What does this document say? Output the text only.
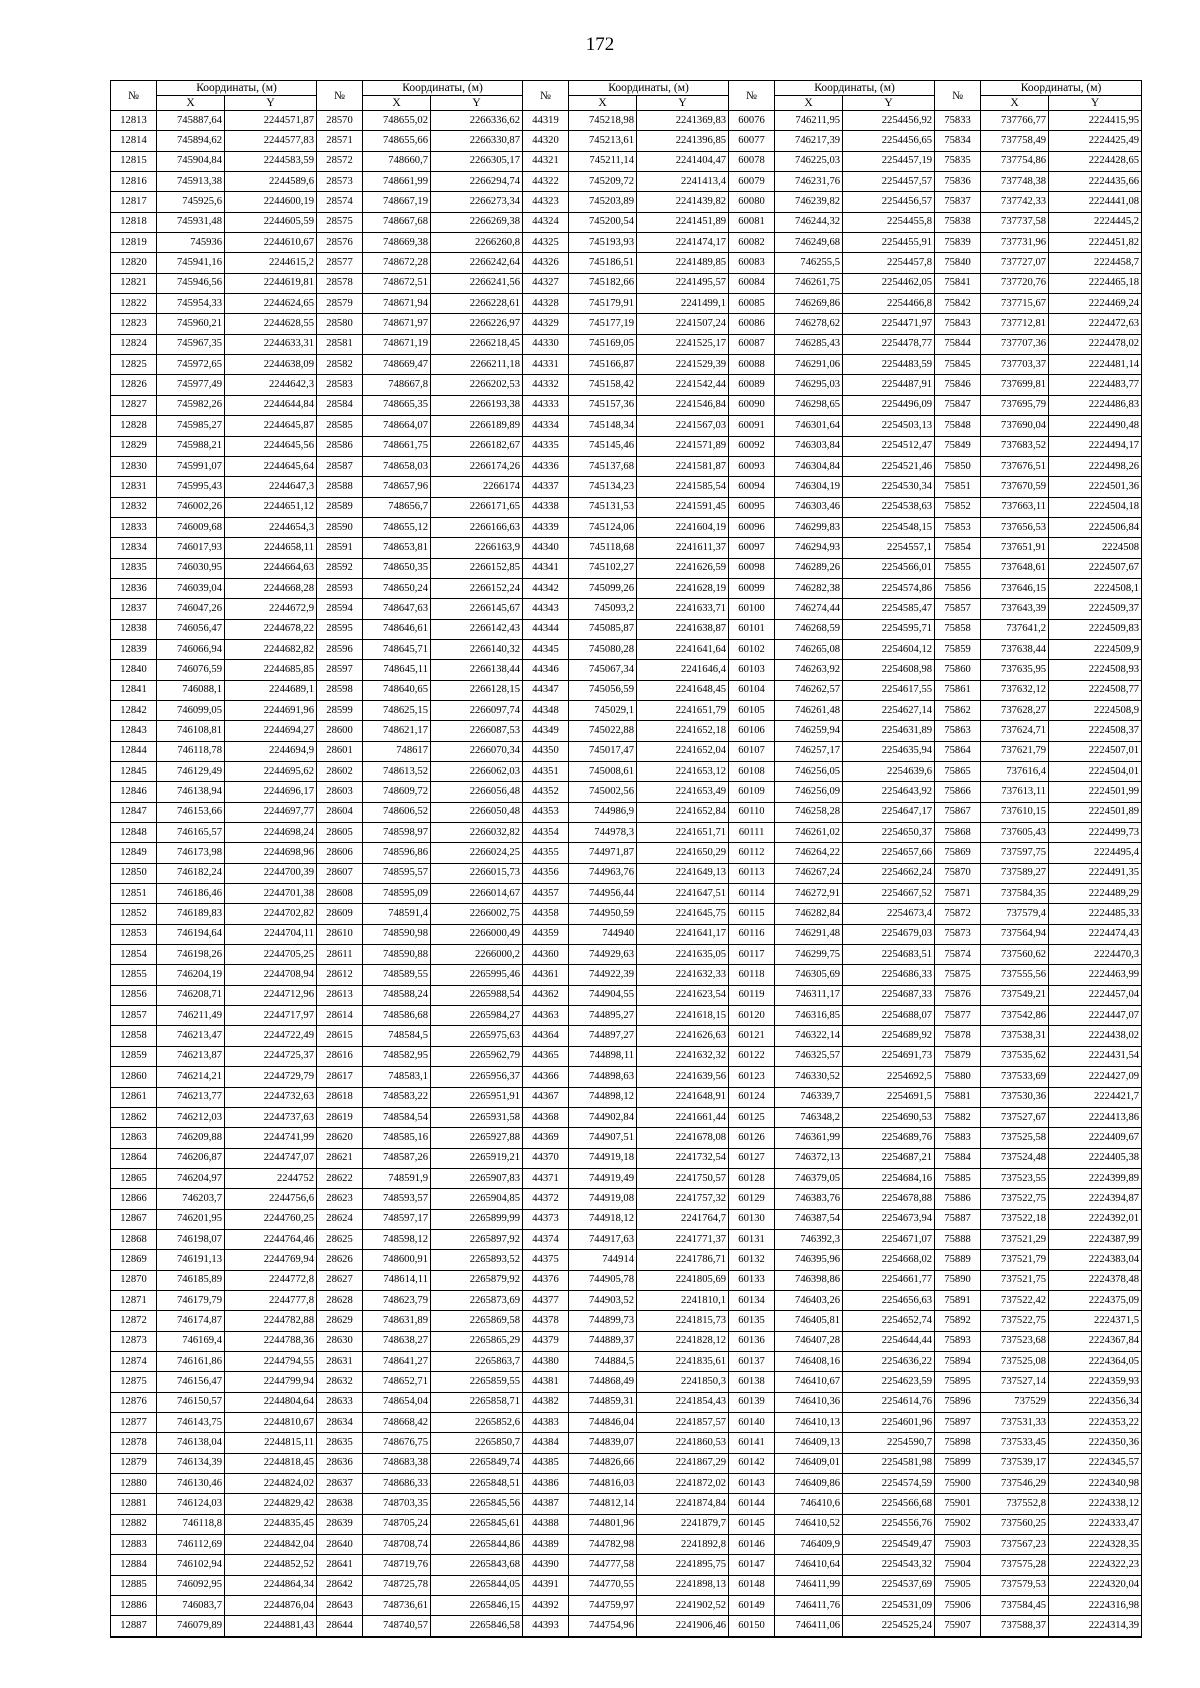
172
№	Координаты, (м)		№	Координаты, (м)		№	Координаты, (м)		№	Координаты, (м)		№	Координаты, (м)	
	X	Y		X	Y		X	Y		X	Y		X	Y
12813	745887,64	2244571,87	28570	748655,02	2266336,62	44319	745218,98	2241369,83	60076	746211,95	2254456,92	75833	737766,77	2224415,95
12814	745894,62	2244577,83	28571	748655,66	2266330,87	44320	745213,61	2241396,85	60077	746217,39	2254456,65	75834	737758,49	2224425,49
12815	745904,84	2244583,59	28572	748660,7	2266305,17	44321	745211,14	2241404,47	60078	746225,03	2254457,19	75835	737754,86	2224428,65
12816	745913,38	2244589,6	28573	748661,99	2266294,74	44322	745209,72	2241413,4	60079	746231,76	2254457,57	75836	737748,38	2224435,66
12817	745925,6	2244600,19	28574	748667,19	2266273,34	44323	745203,89	2241439,82	60080	746239,82	2254456,57	75837	737742,33	2224441,08
12818	745931,48	2244605,59	28575	748667,68	2266269,38	44324	745200,54	2241451,89	60081	746244,32	2254455,8	75838	737737,58	2224445,2
12819	745936	2244610,67	28576	748669,38	2266260,8	44325	745193,93	2241474,17	60082	746249,68	2254455,91	75839	737731,96	2224451,82
12820	745941,16	2244615,2	28577	748672,28	2266242,64	44326	745186,51	2241489,85	60083	746255,5	2254457,8	75840	737727,07	2224458,7
12821	745946,56	2244619,81	28578	748672,51	2266241,56	44327	745182,66	2241495,57	60084	746261,75	2254462,05	75841	737720,76	2224465,18
12822	745954,33	2244624,65	28579	748671,94	2266228,61	44328	745179,91	2241499,1	60085	746269,86	2254466,8	75842	737715,67	2224469,24
12823	745960,21	2244628,55	28580	748671,97	2266226,97	44329	745177,19	2241507,24	60086	746278,62	2254471,97	75843	737712,81	2224472,63
12824	745967,35	2244633,31	28581	748671,19	2266218,45	44330	745169,05	2241525,17	60087	746285,43	2254478,77	75844	737707,36	2224478,02
12825	745972,65	2244638,09	28582	748669,47	2266211,18	44331	745166,87	2241529,39	60088	746291,06	2254483,59	75845	737703,37	2224481,14
12826	745977,49	2244642,3	28583	748667,8	2266202,53	44332	745158,42	2241542,44	60089	746295,03	2254487,91	75846	737699,81	2224483,77
12827	745982,26	2244644,84	28584	748665,35	2266193,38	44333	745157,36	2241546,84	60090	746298,65	2254496,09	75847	737695,79	2224486,83
12828	745985,27	2244645,87	28585	748664,07	2266189,89	44334	745148,34	2241567,03	60091	746301,64	2254503,13	75848	737690,04	2224490,48
12829	745988,21	2244645,56	28586	748661,75	2266182,67	44335	745145,46	2241571,89	60092	746303,84	2254512,47	75849	737683,52	2224494,17
12830	745991,07	2244645,64	28587	748658,03	2266174,26	44336	745137,68	2241581,87	60093	746304,84	2254521,46	75850	737676,51	2224498,26
12831	745995,43	2244647,3	28588	748657,96	2266174	44337	745134,23	2241585,54	60094	746304,19	2254530,34	75851	737670,59	2224501,36
12832	746002,26	2244651,12	28589	748656,7	2266171,65	44338	745131,53	2241591,45	60095	746303,46	2254538,63	75852	737663,11	2224504,18
12833	746009,68	2244654,3	28590	748655,12	2266166,63	44339	745124,06	2241604,19	60096	746299,83	2254548,15	75853	737656,53	2224506,84
12834	746017,93	2244658,11	28591	748653,81	2266163,9	44340	745118,68	2241611,37	60097	746294,93	2254557,1	75854	737651,91	2224508
12835	746030,95	2244664,63	28592	748650,35	2266152,85	44341	745102,27	2241626,59	60098	746289,26	2254566,01	75855	737648,61	2224507,67
12836	746039,04	2244668,28	28593	748650,24	2266152,24	44342	745099,26	2241628,19	60099	746282,38	2254574,86	75856	737646,15	2224508,1
12837	746047,26	2244672,9	28594	748647,63	2266145,67	44343	745093,2	2241633,71	60100	746274,44	2254585,47	75857	737643,39	2224509,37
12838	746056,47	2244678,22	28595	748646,61	2266142,43	44344	745085,87	2241638,87	60101	746268,59	2254595,71	75858	737641,2	2224509,83
12839	746066,94	2244682,82	28596	748645,71	2266140,32	44345	745080,28	2241641,64	60102	746265,08	2254604,12	75859	737638,44	2224509,9
12840	746076,59	2244685,85	28597	748645,11	2266138,44	44346	745067,34	2241646,4	60103	746263,92	2254608,98	75860	737635,95	2224508,93
12841	746088,1	2244689,1	28598	748640,65	2266128,15	44347	745056,59	2241648,45	60104	746262,57	2254617,55	75861	737632,12	2224508,77
12842	746099,05	2244691,96	28599	748625,15	2266097,74	44348	745029,1	2241651,79	60105	746261,48	2254627,14	75862	737628,27	2224508,9
12843	746108,81	2244694,27	28600	748621,17	2266087,53	44349	745022,88	2241652,18	60106	746259,94	2254631,89	75863	737624,71	2224508,37
12844	746118,78	2244694,9	28601	748617	2266070,34	44350	745017,47	2241652,04	60107	746257,17	2254635,94	75864	737621,79	2224507,01
12845	746129,49	2244695,62	28602	748613,52	2266062,03	44351	745008,61	2241653,12	60108	746256,05	2254639,6	75865	737616,4	2224504,01
12846	746138,94	2244696,17	28603	748609,72	2266056,48	44352	745002,56	2241653,49	60109	746256,09	2254643,92	75866	737613,11	2224501,99
12847	746153,66	2244697,77	28604	748606,52	2266050,48	44353	744986,9	2241652,84	60110	746258,28	2254647,17	75867	737610,15	2224501,89
12848	746165,57	2244698,24	28605	748598,97	2266032,82	44354	744978,3	2241651,71	60111	746261,02	2254650,37	75868	737605,43	2224499,73
12849	746173,98	2244698,96	28606	748596,86	2266024,25	44355	744971,87	2241650,29	60112	746264,22	2254657,66	75869	737597,75	2224495,4
12850	746182,24	2244700,39	28607	748595,57	2266015,73	44356	744963,76	2241649,13	60113	746267,24	2254662,24	75870	737589,27	2224491,35
12851	746186,46	2244701,38	28608	748595,09	2266014,67	44357	744956,44	2241647,51	60114	746272,91	2254667,52	75871	737584,35	2224489,29
12852	746189,83	2244702,82	28609	748591,4	2266002,75	44358	744950,59	2241645,75	60115	746282,84	2254673,4	75872	737579,4	2224485,33
12853	746194,64	2244704,11	28610	748590,98	2266000,49	44359	744940	2241641,17	60116	746291,48	2254679,03	75873	737564,94	2224474,43
12854	746198,26	2244705,25	28611	748590,88	2266000,2	44360	744929,63	2241635,05	60117	746299,75	2254683,51	75874	737560,62	2224470,3
12855	746204,19	2244708,94	28612	748589,55	2265995,46	44361	744922,39	2241632,33	60118	746305,69	2254686,33	75875	737555,56	2224463,99
12856	746208,71	2244712,96	28613	748588,24	2265988,54	44362	744904,55	2241623,54	60119	746311,17	2254687,33	75876	737549,21	2224457,04
12857	746211,49	2244717,97	28614	748586,68	2265984,27	44363	744895,27	2241618,15	60120	746316,85	2254688,07	75877	737542,86	2224447,07
12858	746213,47	2244722,49	28615	748584,5	2265975,63	44364	744897,27	2241626,63	60121	746322,14	2254689,92	75878	737538,31	2224438,02
12859	746213,87	2244725,37	28616	748582,95	2265962,79	44365	744898,11	2241632,32	60122	746325,57	2254691,73	75879	737535,62	2224431,54
12860	746214,21	2244729,79	28617	748583,1	2265956,37	44366	744898,63	2241639,56	60123	746330,52	2254692,5	75880	737533,69	2224427,09
12861	746213,77	2244732,63	28618	748583,22	2265951,91	44367	744898,12	2241648,91	60124	746339,7	2254691,5	75881	737530,36	2224421,7
12862	746212,03	2244737,63	28619	748584,54	2265931,58	44368	744902,84	2241661,44	60125	746348,2	2254690,53	75882	737527,67	2224413,86
12863	746209,88	2244741,99	28620	748585,16	2265927,88	44369	744907,51	2241678,08	60126	746361,99	2254689,76	75883	737525,58	2224409,67
12864	746206,87	2244747,07	28621	748587,26	2265919,21	44370	744919,18	2241732,54	60127	746372,13	2254687,21	75884	737524,48	2224405,38
12865	746204,97	2244752	28622	748591,9	2265907,83	44371	744919,49	2241750,57	60128	746379,05	2254684,16	75885	737523,55	2224399,89
12866	746203,7	2244756,6	28623	748593,57	2265904,85	44372	744919,08	2241757,32	60129	746383,76	2254678,88	75886	737522,75	2224394,87
12867	746201,95	2244760,25	28624	748597,17	2265899,99	44373	744918,12	2241764,7	60130	746387,54	2254673,94	75887	737522,18	2224392,01
12868	746198,07	2244764,46	28625	748598,12	2265897,92	44374	744917,63	2241771,37	60131	746392,3	2254671,07	75888	737521,29	2224387,99
12869	746191,13	2244769,94	28626	748600,91	2265893,52	44375	744914	2241786,71	60132	746395,96	2254668,02	75889	737521,79	2224383,04
12870	746185,89	2244772,8	28627	748614,11	2265879,92	44376	744905,78	2241805,69	60133	746398,86	2254661,77	75890	737521,75	2224378,48
12871	746179,79	2244777,8	28628	748623,79	2265873,69	44377	744903,52	2241810,1	60134	746403,26	2254656,63	75891	737522,42	2224375,09
12872	746174,87	2244782,88	28629	748631,89	2265869,58	44378	744899,73	2241815,73	60135	746405,81	2254652,74	75892	737522,75	2224371,5
12873	746169,4	2244788,36	28630	748638,27	2265865,29	44379	744889,37	2241828,12	60136	746407,28	2254644,44	75893	737523,68	2224367,84
12874	746161,86	2244794,55	28631	748641,27	2265863,7	44380	744884,5	2241835,61	60137	746408,16	2254636,22	75894	737525,08	2224364,05
12875	746156,47	2244799,94	28632	748652,71	2265859,55	44381	744868,49	2241850,3	60138	746410,67	2254623,59	75895	737527,14	2224359,93
12876	746150,57	2244804,64	28633	748654,04	2265858,71	44382	744859,31	2241854,43	60139	746410,36	2254614,76	75896	737529	2224356,34
12877	746143,75	2244810,67	28634	748668,42	2265852,6	44383	744846,04	2241857,57	60140	746410,13	2254601,96	75897	737531,33	2224353,22
12878	746138,04	2244815,11	28635	748676,75	2265850,7	44384	744839,07	2241860,53	60141	746409,13	2254590,7	75898	737533,45	2224350,36
12879	746134,39	2244818,45	28636	748683,38	2265849,74	44385	744826,66	2241867,29	60142	746409,01	2254581,98	75899	737539,17	2224345,57
12880	746130,46	2244824,02	28637	748686,33	2265848,51	44386	744816,03	2241872,02	60143	746409,86	2254574,59	75900	737546,29	2224340,98
12881	746124,03	2244829,42	28638	748703,35	2265845,56	44387	744812,14	2241874,84	60144	746410,6	2254566,68	75901	737552,8	2224338,12
12882	746118,8	2244835,45	28639	748705,24	2265845,61	44388	744801,96	2241879,7	60145	746410,52	2254556,76	75902	737560,25	2224333,47
12883	746112,69	2244842,04	28640	748708,74	2265844,86	44389	744782,98	2241892,8	60146	746409,9	2254549,47	75903	737567,23	2224328,35
12884	746102,94	2244852,52	28641	748719,76	2265843,68	44390	744777,58	2241895,75	60147	746410,64	2254543,32	75904	737575,28	2224322,23
12885	746092,95	2244864,34	28642	748725,78	2265844,05	44391	744770,55	2241898,13	60148	746411,99	2254537,69	75905	737579,53	2224320,04
12886	746083,7	2244876,04	28643	748736,61	2265846,15	44392	744759,97	2241902,52	60149	746411,76	2254531,09	75906	737584,45	2224316,98
12887	746079,89	2244881,43	28644	748740,57	2265846,58	44393	744754,96	2241906,46	60150	746411,06	2254525,24	75907	737588,37	2224314,39
